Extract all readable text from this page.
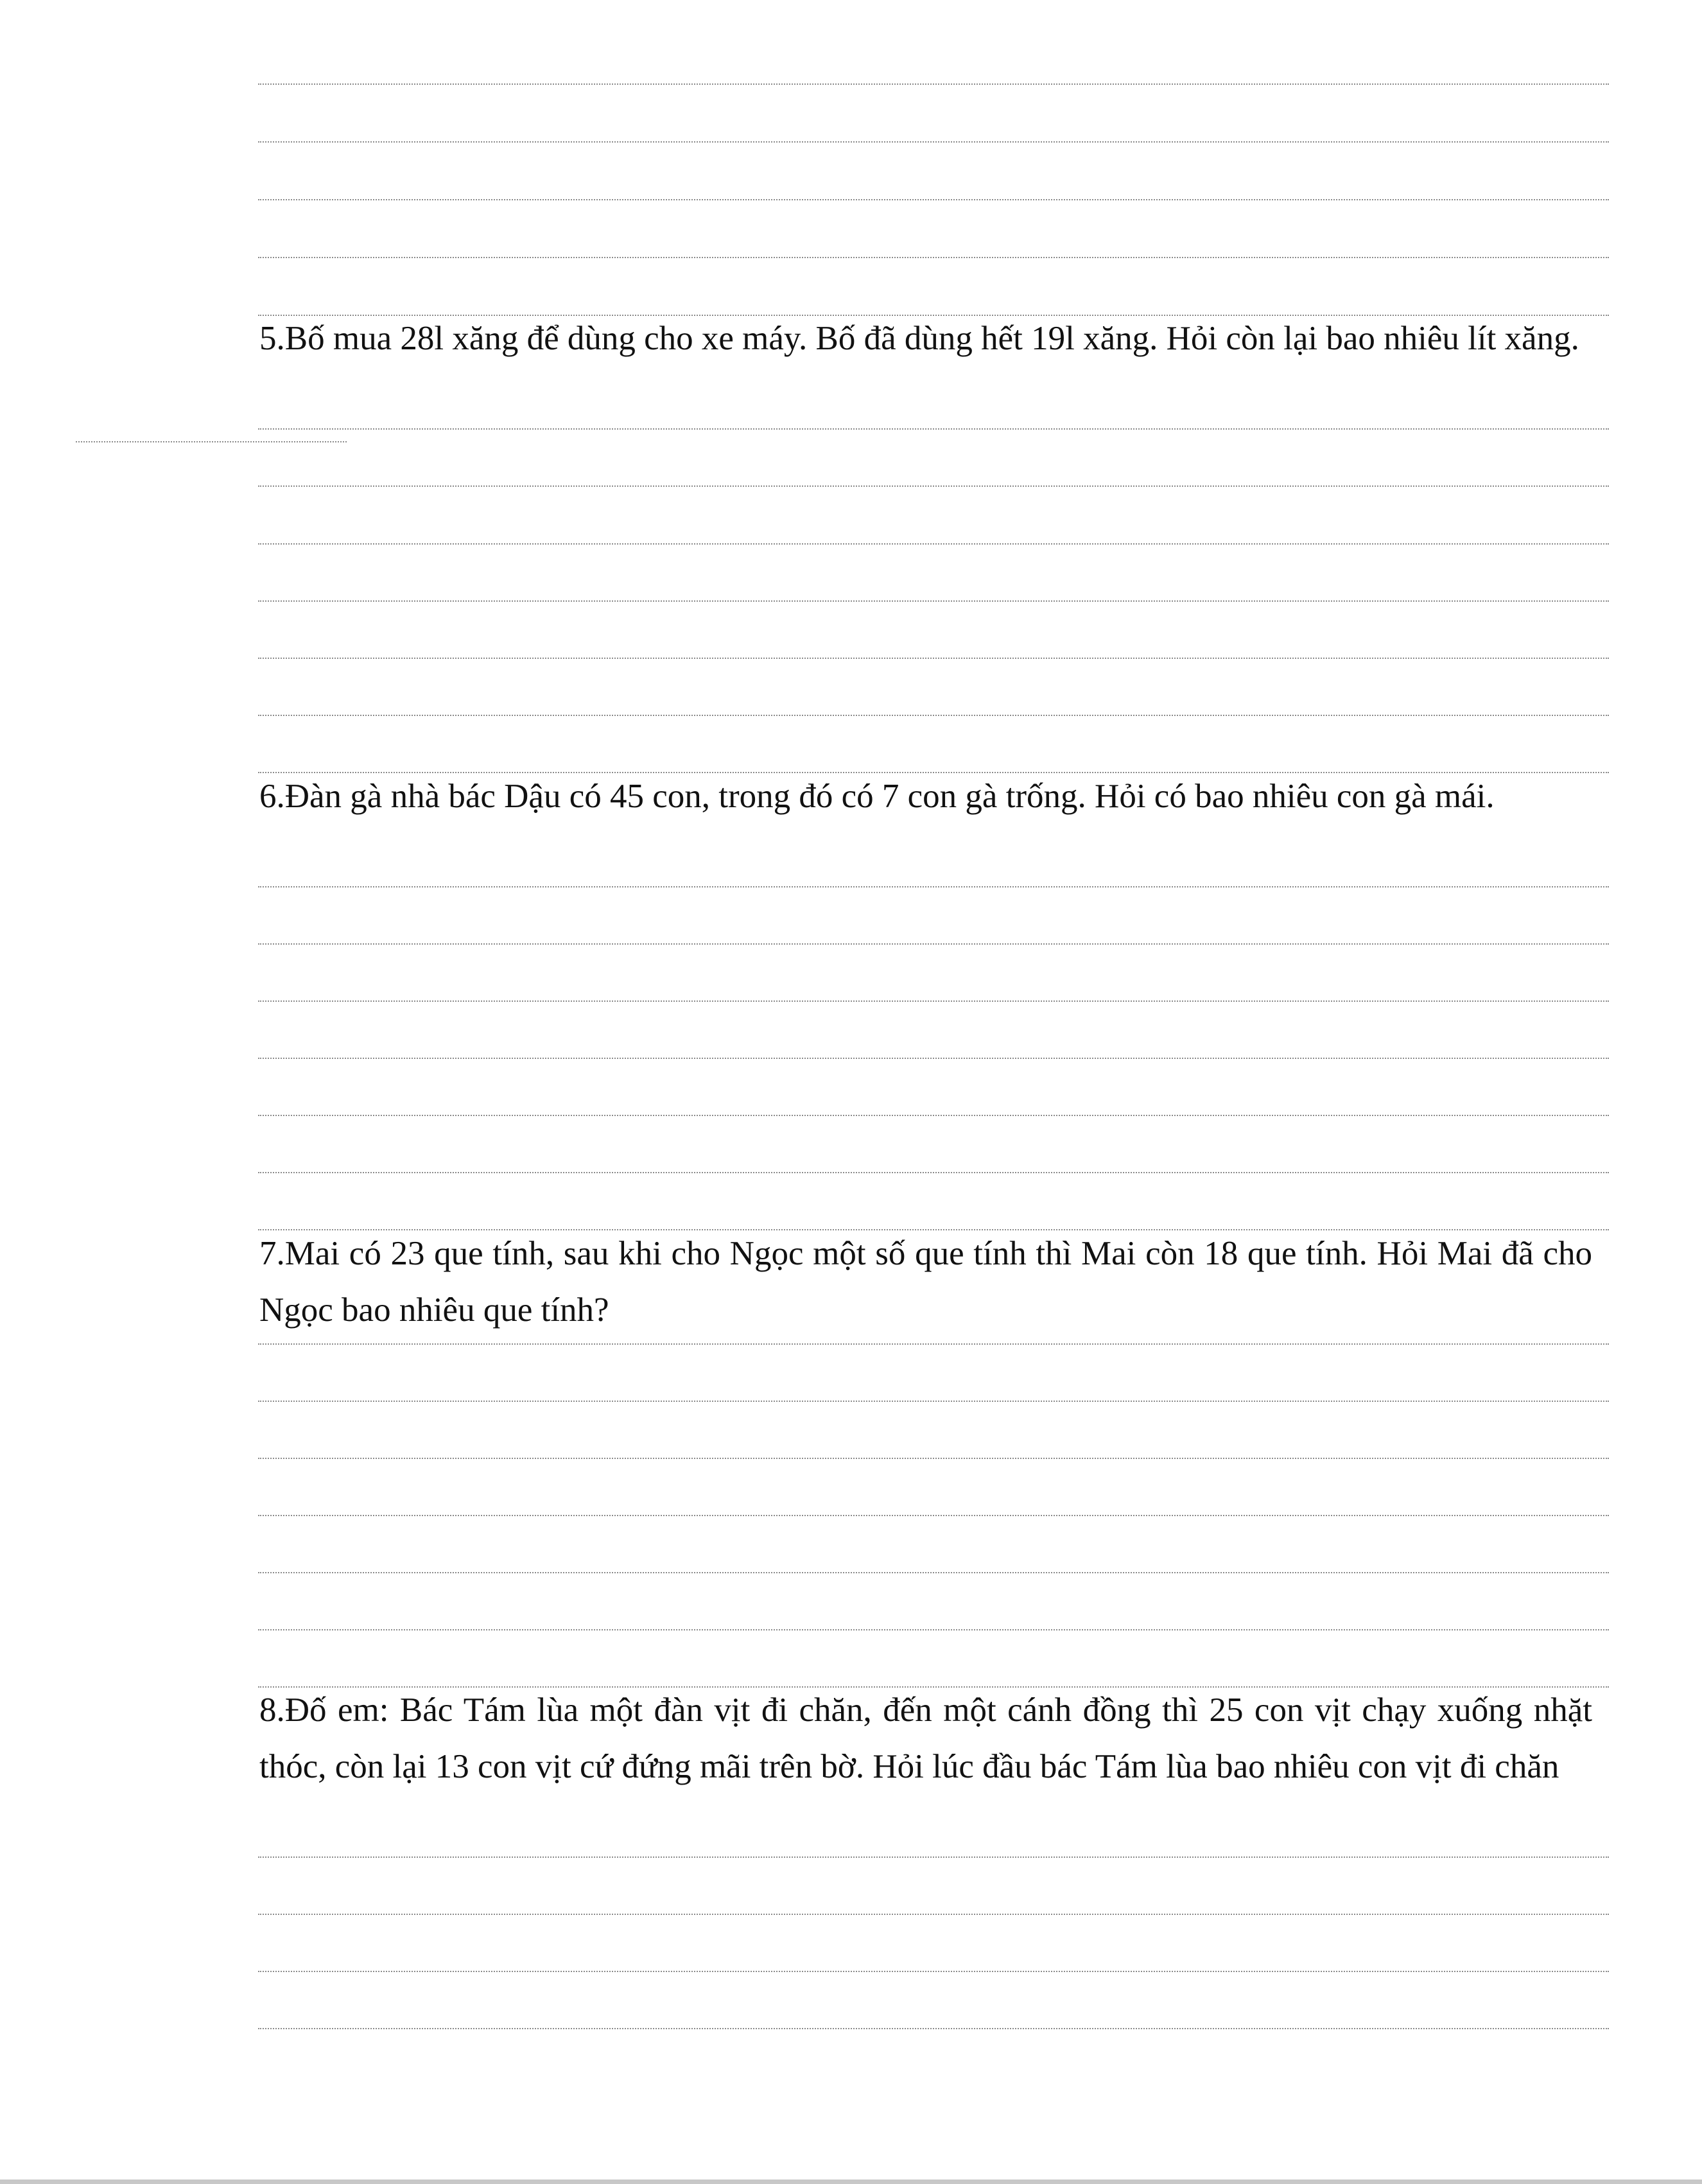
5.Bố mua 28l xăng để dùng cho xe máy. Bố đã dùng hết 19l xăng. Hỏi còn lại bao nhiêu lít xăng.

6.Đàn gà nhà bác Dậu có 45 con, trong đó có 7 con gà trống. Hỏi có bao nhiêu con gà mái.

7.Mai có 23 que tính, sau khi cho Ngọc một số que tính thì Mai còn 18 que tính. Hỏi Mai đã cho Ngọc bao nhiêu que tính?

8.Đố em: Bác Tám lùa một đàn vịt đi chăn, đến một cánh đồng thì 25 con vịt chạy xuống nhặt thóc, còn lại 13 con vịt cứ đứng mãi trên bờ. Hỏi lúc đầu bác Tám lùa bao nhiêu con vịt đi chăn
